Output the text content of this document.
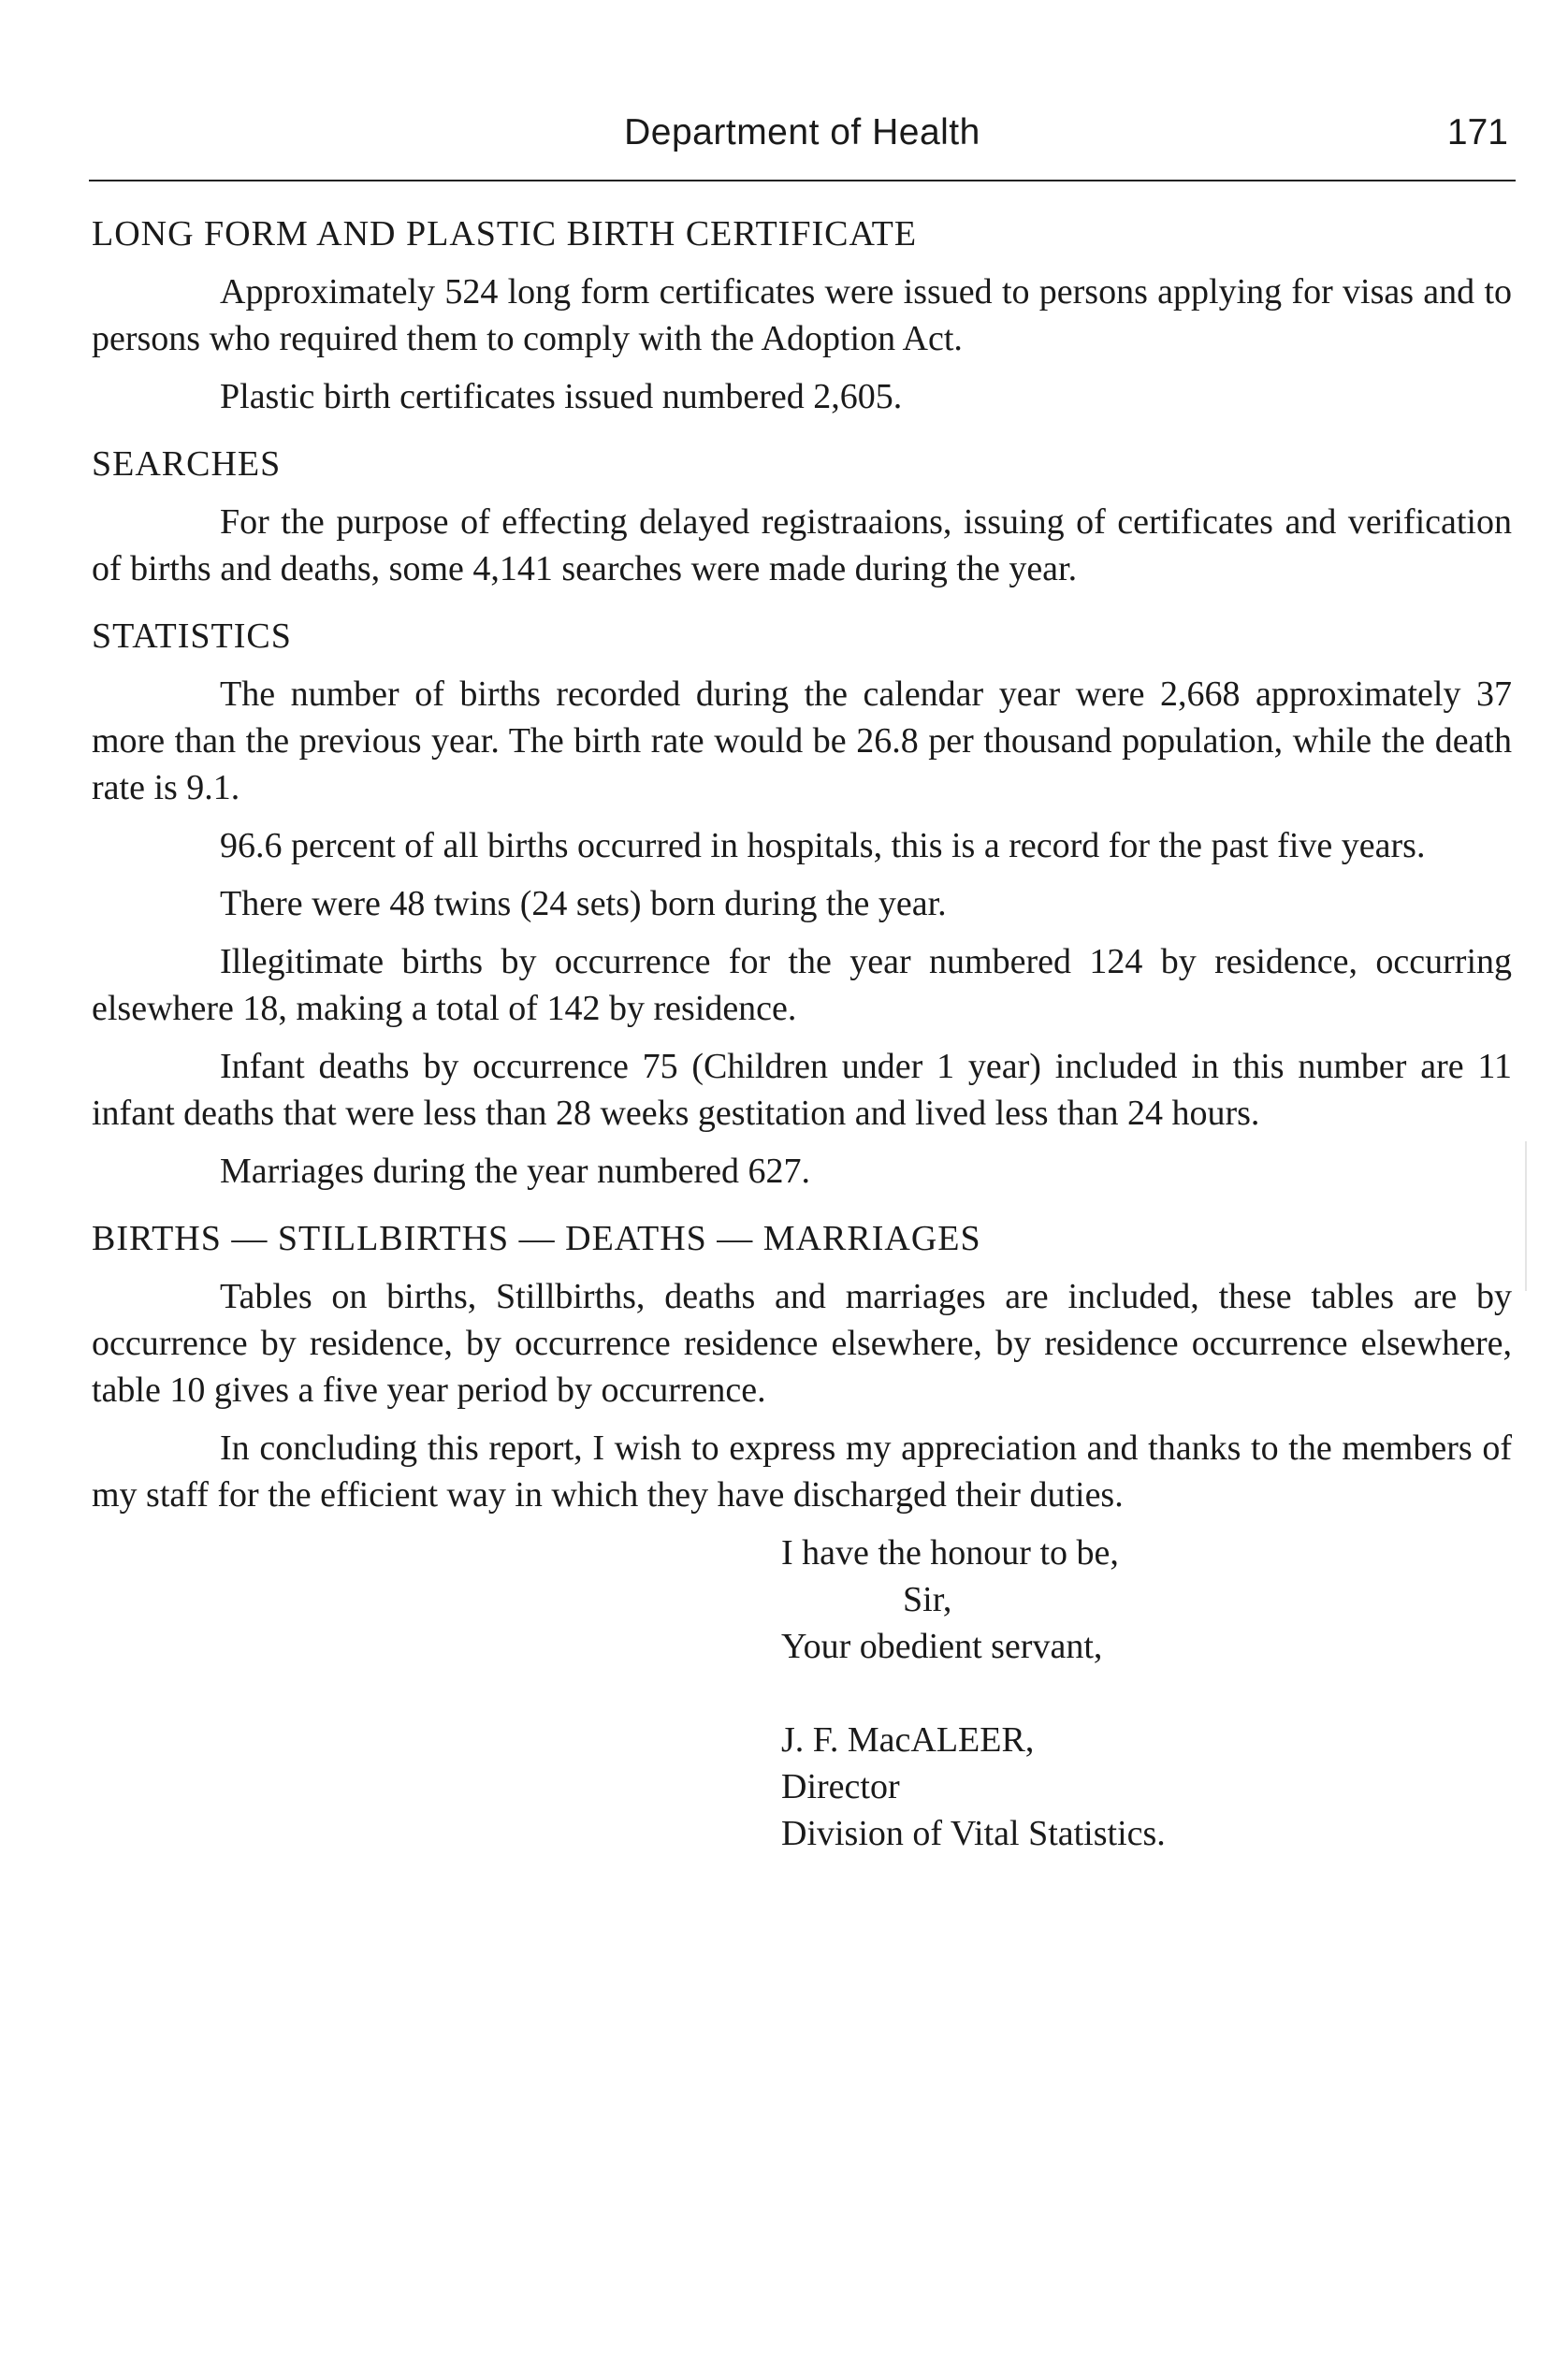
Department of Health	171
LONG FORM AND PLASTIC BIRTH CERTIFICATE

Approximately 524 long form certificates were issued to persons applying for visas and to persons who required them to comply with the Adoption Act.

Plastic birth certificates issued numbered 2,605.

SEARCHES

For the purpose of effecting delayed registraaions, issuing of certificates and verification of births and deaths, some 4,141 searches were made during the year.

STATISTICS

The number of births recorded during the calendar year were 2,668 approximately 37 more than the previous year. The birth rate would be 26.8 per thousand population, while the death rate is 9.1.

96.6 percent of all births occurred in hospitals, this is a record for the past five years.

There were 48 twins (24 sets) born during the year.

Illegitimate births by occurrence for the year numbered 124 by residence, occurring elsewhere 18, making a total of 142 by residence.

Infant deaths by occurrence 75 (Children under 1 year) included in this number are 11 infant deaths that were less than 28 weeks gestitation and lived less than 24 hours.

Marriages during the year numbered 627.

BIRTHS — STILLBIRTHS — DEATHS — MARRIAGES

Tables on births, Stillbirths, deaths and marriages are included, these tables are by occurrence by residence, by occurrence residence elsewhere, by residence occurrence elsewhere, table 10 gives a five year period by occurrence.

In concluding this report, I wish to express my appreciation and thanks to the members of my staff for the efficient way in which they have discharged their duties.

I have the honour to be,
Sir,
Your obedient servant,
J. F. MacALEER,
Director
Division of Vital Statistics.
